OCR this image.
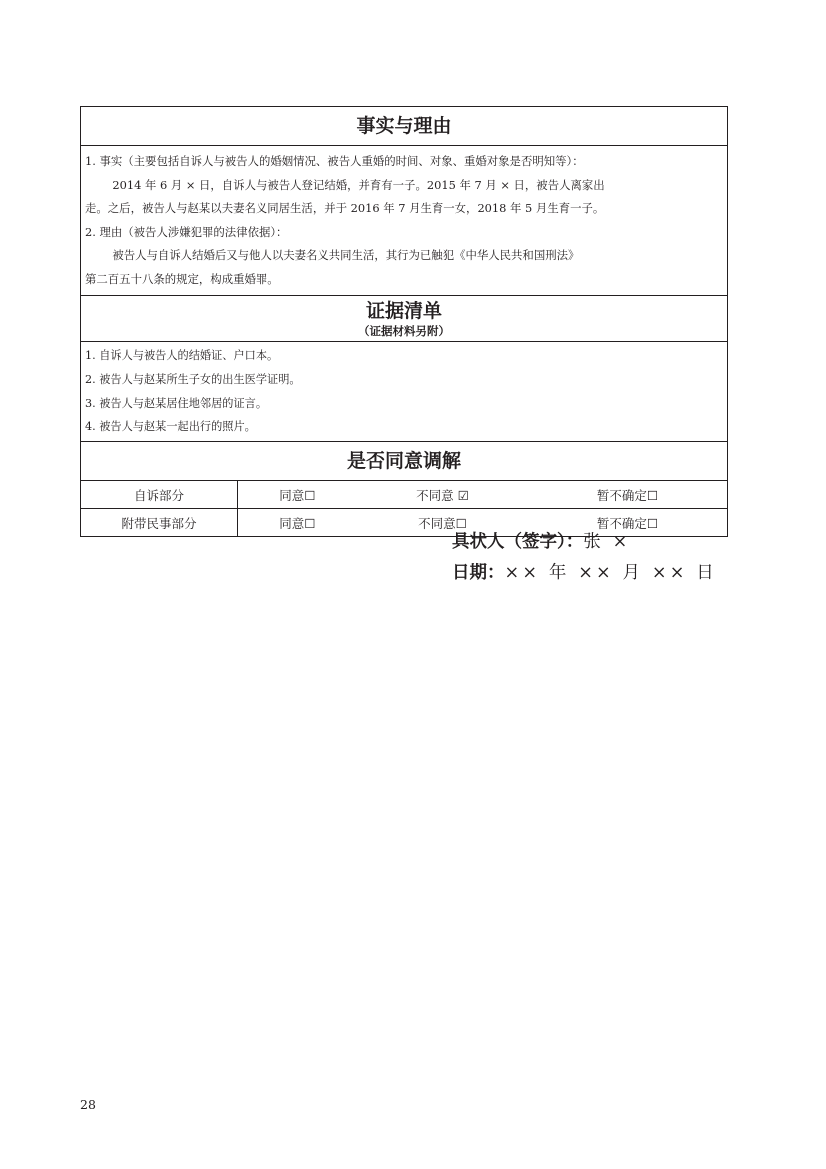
事实与理由

1. 事实（主要包括自诉人与被告人的婚姻情况、被告人重婚的时间、对象、重婚对象是否明知等）：

2014 年 6 月 × 日，自诉人与被告人登记结婚，并育有一子。2015 年 7 月 × 日，被告人离家出

走。之后，被告人与赵某以夫妻名义同居生活，并于 2016 年 7 月生育一女，2018 年 5 月生育一子。

2. 理由（被告人涉嫌犯罪的法律依据）：

被告人与自诉人结婚后又与他人以夫妻名义共同生活，其行为已触犯《中华人民共和国刑法》

第二百五十八条的规定，构成重婚罪。

证据清单
（证据材料另附）

1. 自诉人与被告人的结婚证、户口本。

2. 被告人与赵某所生子女的出生医学证明。

3. 被告人与赵某居住地邻居的证言。

4. 被告人与赵某一起出行的照片。

是否同意调解
自诉部分	同意☐	不同意 ☑	暂不确定☐
附带民事部分	同意☐	不同意☐	暂不确定☐
具状人（签字）：张 ×
日期：×× 年 ×× 月 ×× 日
28
